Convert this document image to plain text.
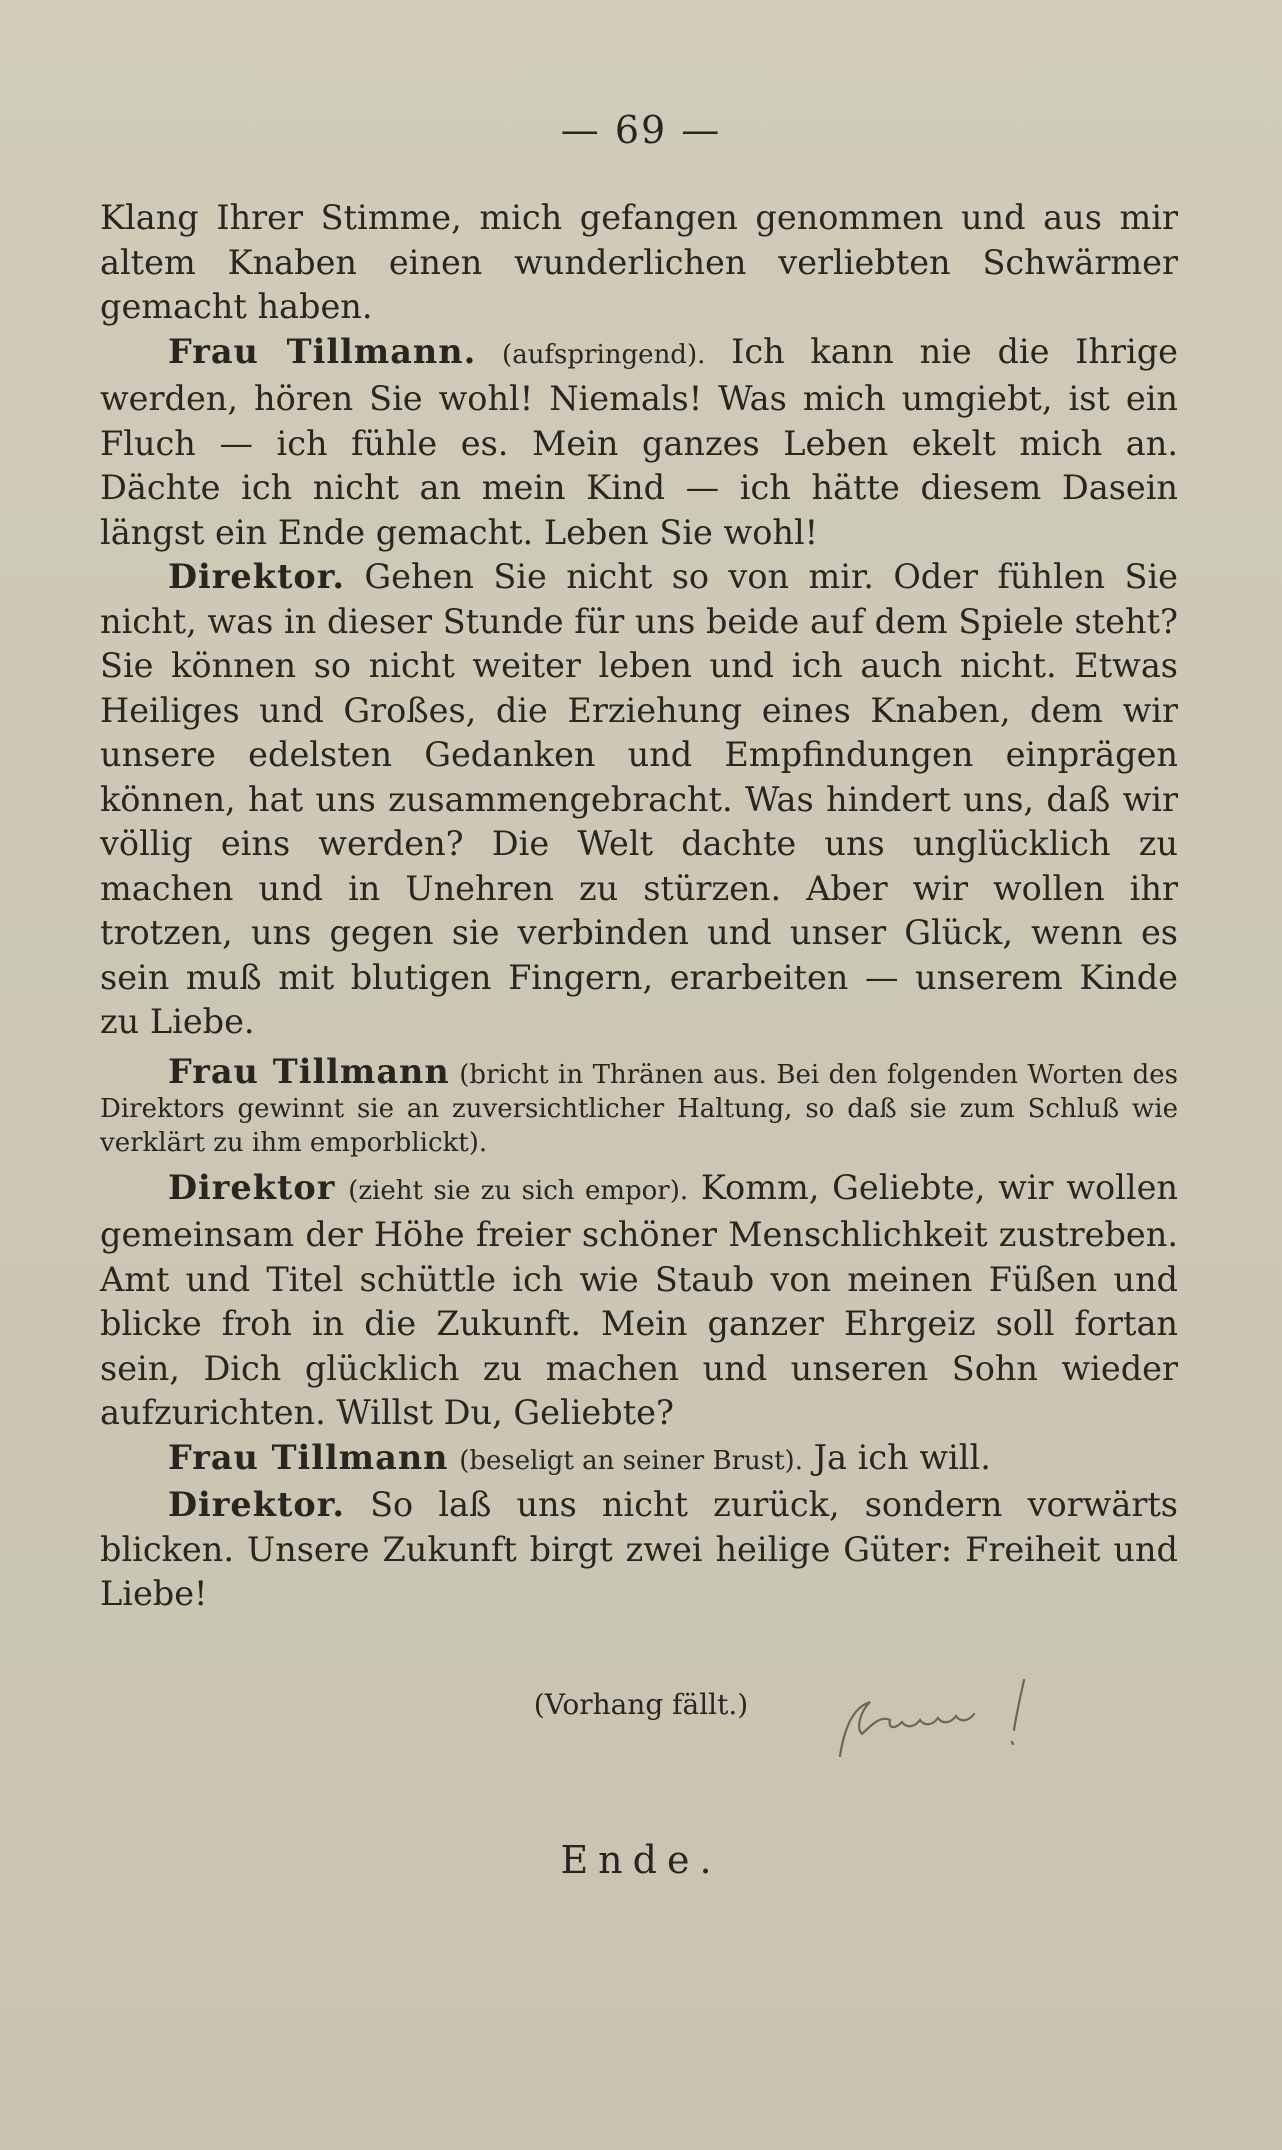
— 69 —

Klang Ihrer Stimme, mich gefangen genommen und aus mir altem Knaben einen wunderlichen verliebten Schwärmer gemacht haben.

Frau Tillmann. (aufspringend). Ich kann nie die Ihrige werden, hören Sie wohl! Niemals! Was mich umgiebt, ist ein Fluch — ich fühle es. Mein ganzes Leben ekelt mich an. Dächte ich nicht an mein Kind — ich hätte diesem Dasein längst ein Ende gemacht. Leben Sie wohl!

Direktor. Gehen Sie nicht so von mir. Oder fühlen Sie nicht, was in dieser Stunde für uns beide auf dem Spiele steht? Sie können so nicht weiter leben und ich auch nicht. Etwas Heiliges und Großes, die Erziehung eines Knaben, dem wir unsere edelsten Gedanken und Empfindungen einprägen können, hat uns zusammengebracht. Was hindert uns, daß wir völlig eins werden? Die Welt dachte uns unglücklich zu machen und in Unehren zu stürzen. Aber wir wollen ihr trotzen, uns gegen sie verbinden und unser Glück, wenn es sein muß mit blutigen Fingern, erarbeiten — unserem Kinde zu Liebe.

Frau Tillmann (bricht in Thränen aus. Bei den folgenden Worten des Direktors gewinnt sie an zuversichtlicher Haltung, so daß sie zum Schluß wie verklärt zu ihm emporblickt).

Direktor (zieht sie zu sich empor). Komm, Geliebte, wir wollen gemeinsam der Höhe freier schöner Menschlichkeit zustreben. Amt und Titel schüttle ich wie Staub von meinen Füßen und blicke froh in die Zukunft. Mein ganzer Ehrgeiz soll fortan sein, Dich glücklich zu machen und unseren Sohn wieder aufzurichten. Willst Du, Geliebte?

Frau Tillmann (beseligt an seiner Brust). Ja ich will.

Direktor. So laß uns nicht zurück, sondern vorwärts blicken. Unsere Zukunft birgt zwei heilige Güter: Freiheit und Liebe!

(Vorhang fällt.)
Ende.
